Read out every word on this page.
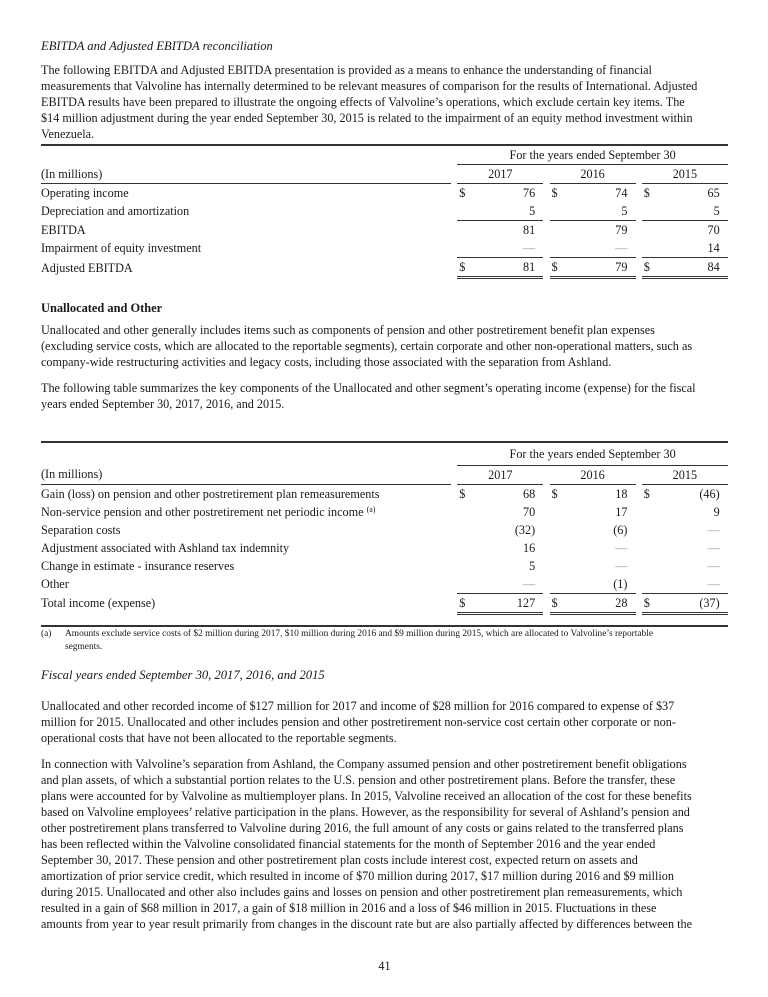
EBITDA and Adjusted EBITDA reconciliation
The following EBITDA and Adjusted EBITDA presentation is provided as a means to enhance the understanding of financial
measurements that Valvoline has internally determined to be relevant measures of comparison for the results of International. Adjusted
EBITDA results have been prepared to illustrate the ongoing effects of Valvoline’s operations, which exclude certain key items. The
$14 million adjustment during the year ended September 30, 2015 is related to the impairment of an equity method investment within
Venezuela.
		For the years ended September 30										
(In millions)		2017				2016				2015		
Operating income		$	76			$	74			$	65	
Depreciation and amortization			5				5				5	
EBITDA			81				79				70	
Impairment of equity investment			—				—				14	
Adjusted EBITDA		$	81			$	79			$	84	
Unallocated and Other
Unallocated and other generally includes items such as components of pension and other postretirement benefit plan expenses
(excluding service costs, which are allocated to the reportable segments), certain corporate and other non-operational matters, such as
company-wide restructuring activities and legacy costs, including those associated with the separation from Ashland.
The following table summarizes the key components of the Unallocated and other segment’s operating income (expense) for the fiscal
years ended September 30, 2017, 2016, and 2015.
		For the years ended September 30										
(In millions)		2017				2016				2015		
Gain (loss) on pension and other postretirement plan remeasurements		$	68			$	18			$	(46)	
Non-service pension and other postretirement net periodic income $^{(a)}$			70				17				9	
Separation costs			(32)				(6)				—	
Adjustment associated with Ashland tax indemnity			16				—				—	
Change in estimate - insurance reserves			5				—				—	
Other			—				(1)				—	
Total income (expense)		$	127			$	28			$	(37)	

(a) Amounts exclude service costs of $2 million during 2017, $10 million during 2016 and $9 million during 2015, which are allocated to Valvoline’s reportable
segments.
Fiscal years ended September 30, 2017, 2016, and 2015
Unallocated and other recorded income of $127 million for 2017 and income of $28 million for 2016 compared to expense of $37
million for 2015. Unallocated and other includes pension and other postretirement non-service cost certain other corporate or non-
operational costs that have not been allocated to the reportable segments.
In connection with Valvoline’s separation from Ashland, the Company assumed pension and other postretirement benefit obligations
and plan assets, of which a substantial portion relates to the U.S. pension and other postretirement plans. Before the transfer, these
plans were accounted for by Valvoline as multiemployer plans. In 2015, Valvoline received an allocation of the cost for these benefits
based on Valvoline employees’ relative participation in the plans. However, as the responsibility for several of Ashland’s pension and
other postretirement plans transferred to Valvoline during 2016, the full amount of any costs or gains related to the transferred plans
has been reflected within the Valvoline consolidated financial statements for the month of September 2016 and the year ended
September 30, 2017. These pension and other postretirement plan costs include interest cost, expected return on assets and
amortization of prior service credit, which resulted in income of $70 million during 2017, $17 million during 2016 and $9 million
during 2015. Unallocated and other also includes gains and losses on pension and other postretirement plan remeasurements, which
resulted in a gain of $68 million in 2017, a gain of $18 million in 2016 and a loss of $46 million in 2015. Fluctuations in these
amounts from year to year result primarily from changes in the discount rate but are also partially affected by differences between the
41
